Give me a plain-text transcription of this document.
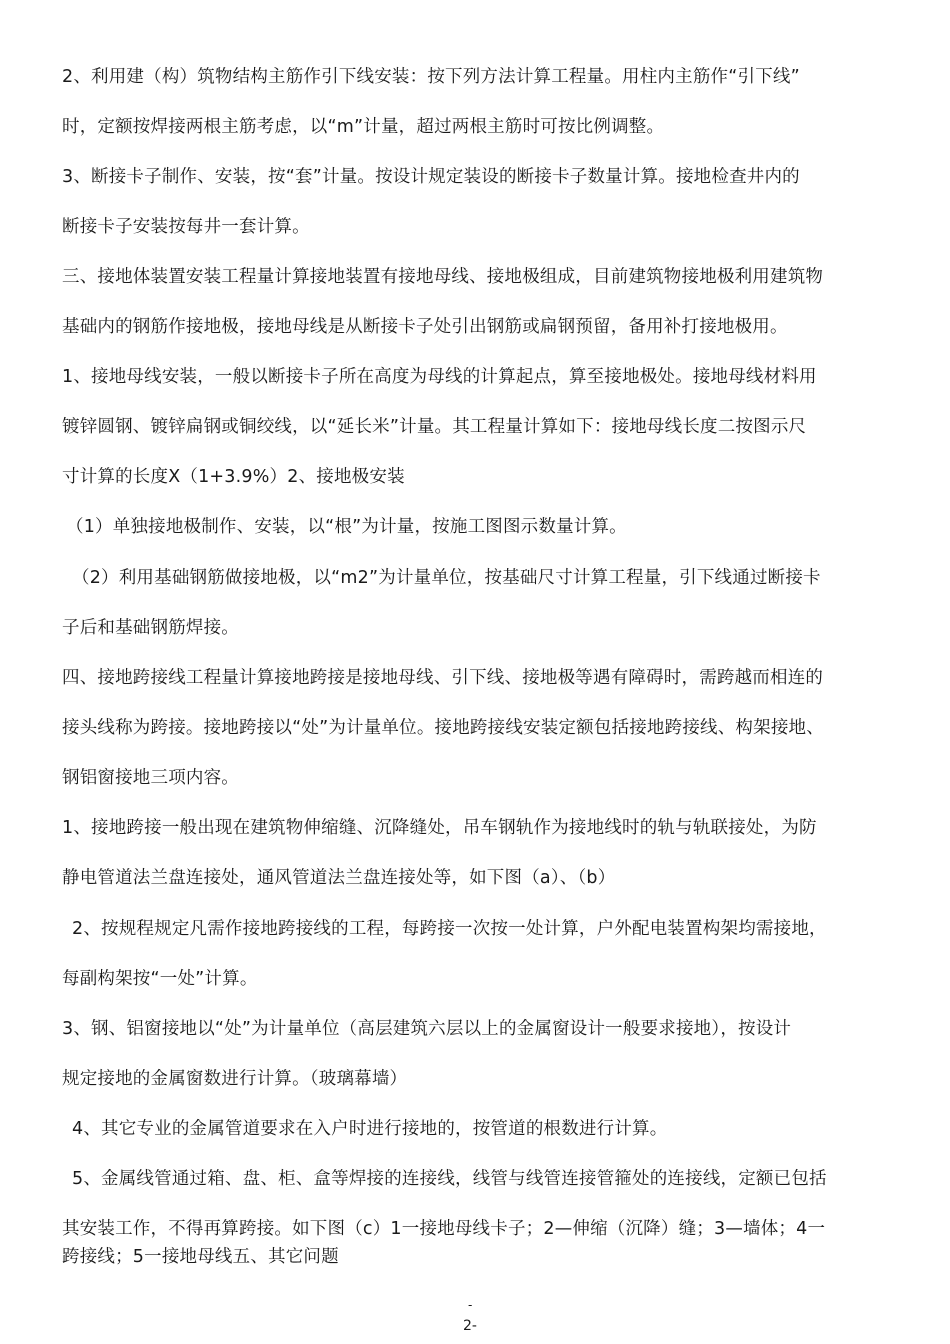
2、利用建（构）筑物结构主筋作引下线安装：按下列方法计算工程量。用柱内主筋作“引下线”
时，定额按焊接两根主筋考虑，以“m”计量，超过两根主筋时可按比例调整。
3、断接卡子制作、安装，按“套”计量。按设计规定装设的断接卡子数量计算。接地检查井内的
断接卡子安装按每井一套计算。
三、接地体装置安装工程量计算接地装置有接地母线、接地极组成，目前建筑物接地极利用建筑物
基础内的钢筋作接地极，接地母线是从断接卡子处引出钢筋或扁钢预留，备用补打接地极用。
1、接地母线安装，一般以断接卡子所在高度为母线的计算起点，算至接地极处。接地母线材料用
镀锌圆钢、镀锌扁钢或铜绞线，以“延长米”计量。其工程量计算如下：接地母线长度二按图示尺
寸计算的长度X（1+3.9%）2、接地极安装
（1）单独接地极制作、安装，以“根”为计量，按施工图图示数量计算。
（2）利用基础钢筋做接地极，以“m2”为计量单位，按基础尺寸计算工程量，引下线通过断接卡
子后和基础钢筋焊接。
四、接地跨接线工程量计算接地跨接是接地母线、引下线、接地极等遇有障碍时，需跨越而相连的
接头线称为跨接。接地跨接以“处”为计量单位。接地跨接线安装定额包括接地跨接线、构架接地、
钢铝窗接地三项内容。
1、接地跨接一般出现在建筑物伸缩缝、沉降缝处，吊车钢轨作为接地线时的轨与轨联接处，为防
静电管道法兰盘连接处，通风管道法兰盘连接处等，如下图（a）、（b）
2、按规程规定凡需作接地跨接线的工程，每跨接一次按一处计算，户外配电装置构架均需接地，
每副构架按“一处”计算。
3、钢、铝窗接地以“处”为计量单位（高层建筑六层以上的金属窗设计一般要求接地），按设计
规定接地的金属窗数进行计算。（玻璃幕墙）
4、其它专业的金属管道要求在入户时进行接地的，按管道的根数进行计算。
5、金属线管通过箱、盘、柜、盒等焊接的连接线，线管与线管连接管箍处的连接线，定额已包括
其安装工作，不得再算跨接。如下图（c）1一接地母线卡子；2—伸缩（沉降）缝；3—墙体；4一
跨接线；5一接地母线五、其它问题
-
2-
